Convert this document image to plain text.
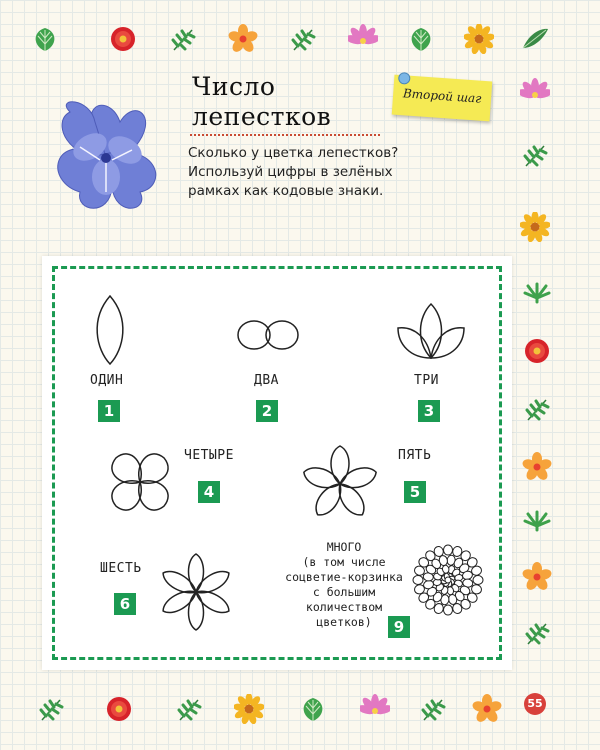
55
Число
лепестков
Второй шаг
Сколько у цветка лепестков?
Используй цифры в зелёных
рамках как кодовые знаки.
ОДИН
1
ДВА
2
ТРИ
3
ЧЕТЫРЕ
4
ПЯТЬ
5
ШЕСТЬ
6
МНОГО
(в том числе
соцветие-корзинка
с большим
количеством
цветков)	9
